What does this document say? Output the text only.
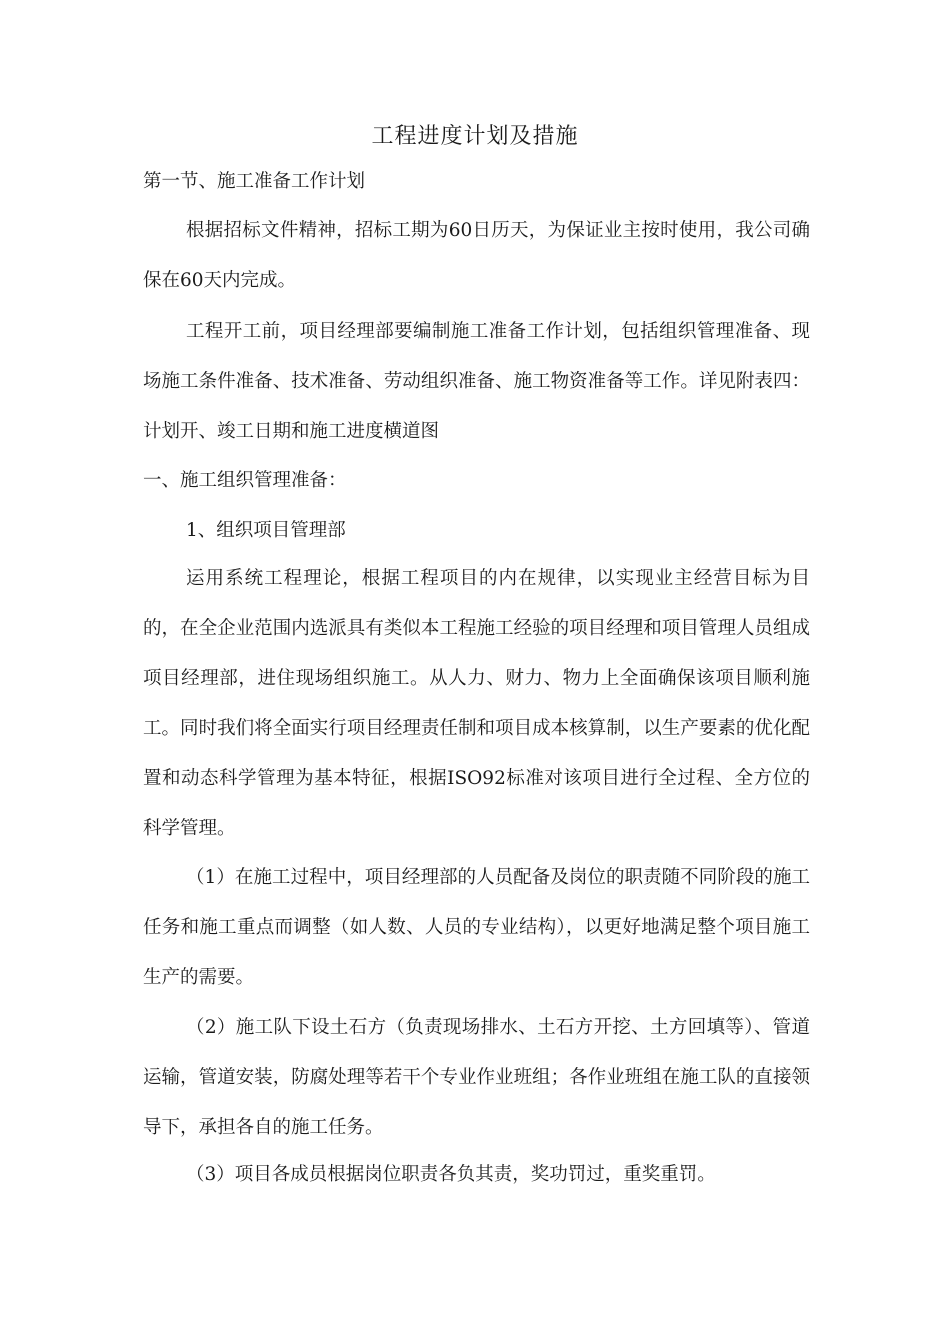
工程进度计划及措施

第一节、施工准备工作计划

根据招标文件精神，招标工期为60日历天，为保证业主按时使用，我公司确保在60天内完成。

工程开工前，项目经理部要编制施工准备工作计划，包括组织管理准备、现场施工条件准备、技术准备、劳动组织准备、施工物资准备等工作。详见附表四：计划开、竣工日期和施工进度横道图

一、施工组织管理准备：

1、组织项目管理部

运用系统工程理论，根据工程项目的内在规律，以实现业主经营目标为目的，在全企业范围内选派具有类似本工程施工经验的项目经理和项目管理人员组成项目经理部，进住现场组织施工。从人力、财力、物力上全面确保该项目顺利施工。同时我们将全面实行项目经理责任制和项目成本核算制，以生产要素的优化配置和动态科学管理为基本特征，根据ISO92标准对该项目进行全过程、全方位的科学管理。

（1）在施工过程中，项目经理部的人员配备及岗位的职责随不同阶段的施工任务和施工重点而调整（如人数、人员的专业结构），以更好地满足整个项目施工生产的需要。

（2）施工队下设土石方（负责现场排水、土石方开挖、土方回填等）、管道运输，管道安装，防腐处理等若干个专业作业班组；各作业班组在施工队的直接领导下，承担各自的施工任务。

（3）项目各成员根据岗位职责各负其责，奖功罚过，重奖重罚。
